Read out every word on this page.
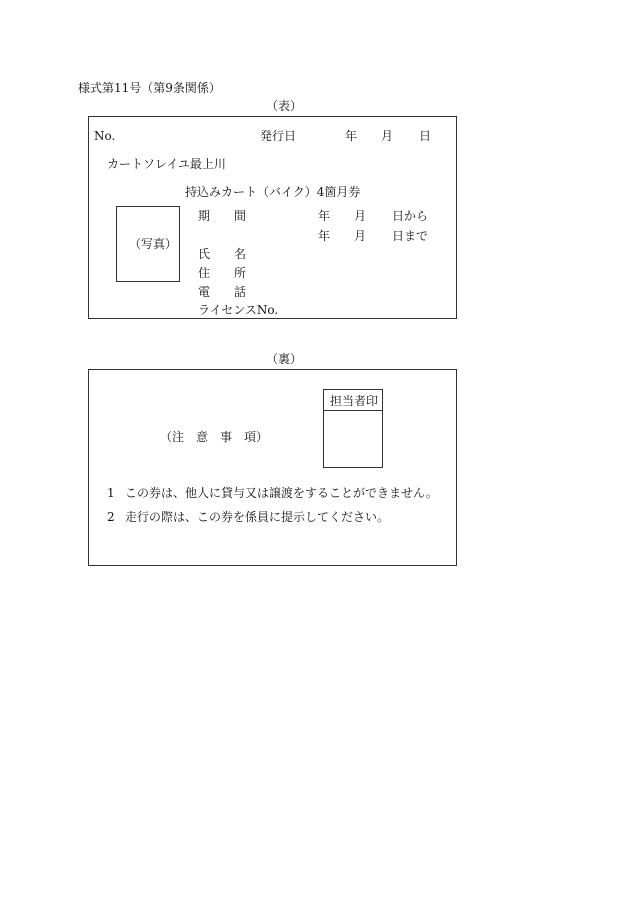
様式第11号（第9条関係）
（表）
No.	発行日	年 月 日
カートソレイユ最上川
持込みカート（バイク）4箇月券
（写真）
期　　間	年 月 日から
年 月 日まで
氏　　名
住　　所
電　　話
ライセンスNo.
（裏）
担当者印
（注　意　事　項）
1 この券は、他人に貸与又は譲渡をすることができません。
2 走行の際は、この券を係員に提示してください。
